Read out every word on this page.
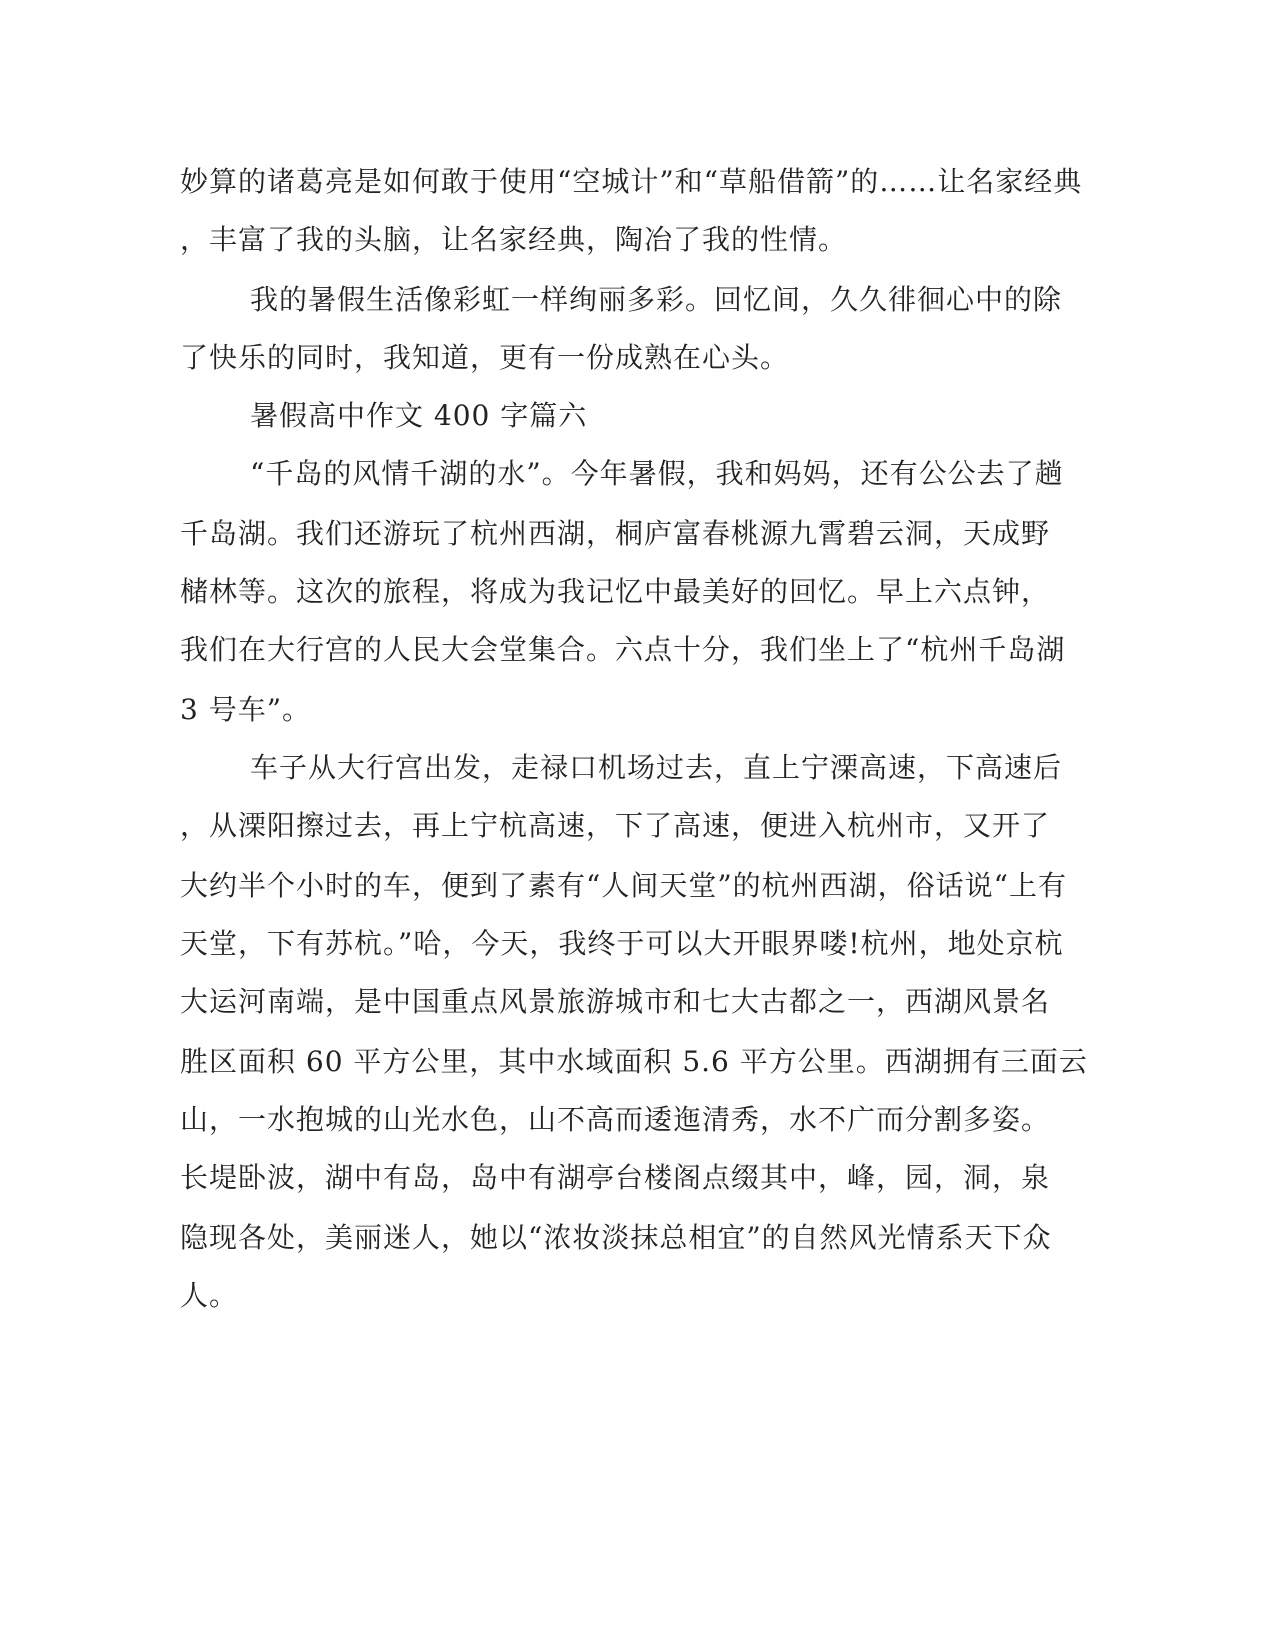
妙算的诸葛亮是如何敢于使用“空城计”和“草船借箭”的……让名家经典
，丰富了我的头脑，让名家经典，陶冶了我的性情。
我的暑假生活像彩虹一样绚丽多彩。回忆间，久久徘徊心中的除
了快乐的同时，我知道，更有一份成熟在心头。
暑假高中作文 400 字篇六
“千岛的风情千湖的水”。今年暑假，我和妈妈，还有公公去了趟
千岛湖。我们还游玩了杭州西湖，桐庐富春桃源九霄碧云洞，天成野
槠林等。这次的旅程，将成为我记忆中最美好的回忆。早上六点钟，
我们在大行宫的人民大会堂集合。六点十分，我们坐上了“杭州千岛湖
3 号车”。
车子从大行宫出发，走禄口机场过去，直上宁溧高速，下高速后
，从溧阳擦过去，再上宁杭高速，下了高速，便进入杭州市，又开了
大约半个小时的车，便到了素有“人间天堂”的杭州西湖，俗话说“上有
天堂，下有苏杭。”哈，今天，我终于可以大开眼界喽!杭州，地处京杭
大运河南端，是中国重点风景旅游城市和七大古都之一，西湖风景名
胜区面积 60 平方公里，其中水域面积 5.6 平方公里。西湖拥有三面云
山，一水抱城的山光水色，山不高而逶迤清秀，水不广而分割多姿。
长堤卧波，湖中有岛，岛中有湖亭台楼阁点缀其中，峰，园，洞，泉
隐现各处，美丽迷人，她以“浓妆淡抹总相宜”的自然风光情系天下众
人。
